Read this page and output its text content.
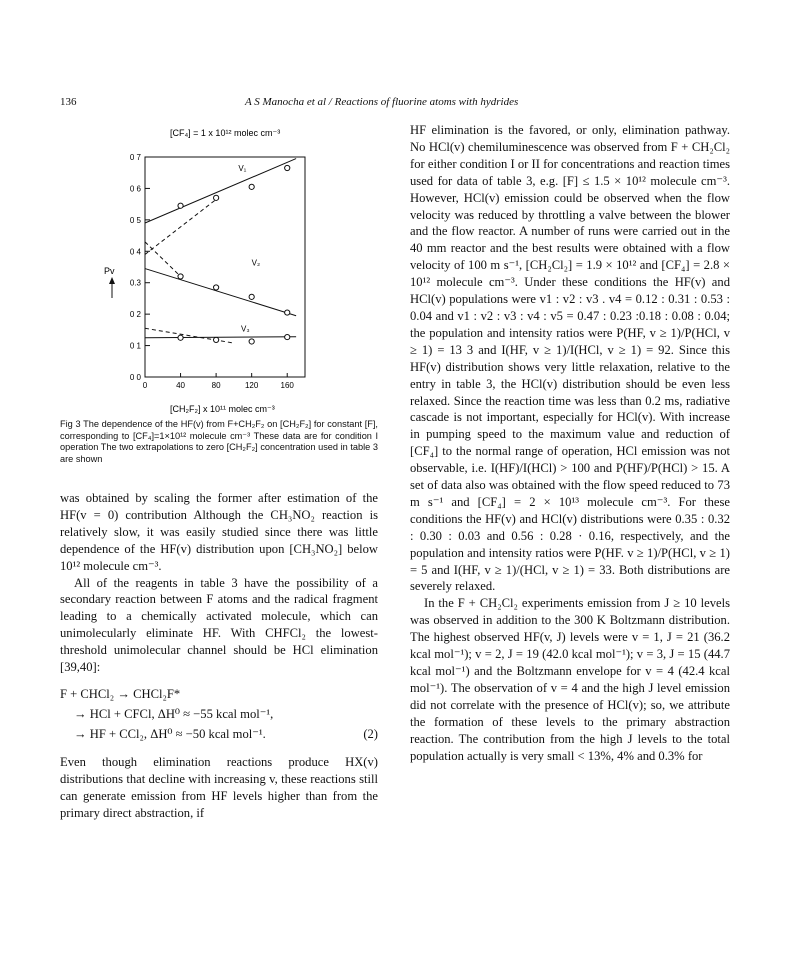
136	A S Manocha et al / Reactions of fluorine atoms with hydrides
[CF₄] = 1 x 10¹² molec cm⁻³
Pv
0 0
0 1
0 2
0.3
0 4
0 5
0 6
0 7
0	40	80	120	160
V₁
V₂
V₃
[CH₂F₂] x 10¹¹ molec cm⁻³
Fig 3 The dependence of the HF(v) from F+CH₂F₂ on [CH₂F₂] for constant [F], corresponding to [CF₄]=1×10¹² molecule cm⁻³ These data are for condition I operation The two extrapolations to zero [CH₂F₂] concentration used in table 3 are shown

was obtained by scaling the former after estimation of the HF(v = 0) contribution Although the CH₃NO₂ reaction is relatively slow, it was easily studied since there was little dependence of the HF(v) distribution upon [CH₃NO₂] below 10¹² molecule cm⁻³.

All of the reagents in table 3 have the possibility of a secondary reaction between F atoms and the radical fragment leading to a chemically activated molecule, which can unimolecularly eliminate HF. With CHFCl₂ the lowest-threshold unimolecular channel should be HCl elimination [39,40]:

F + CHCl₂ → CHCl₂F*
→ HCl + CFCl, ΔH⁰ ≈ −55 kcal mol⁻¹,
→ HF + CCl₂, ΔH⁰ ≈ −50 kcal mol⁻¹.	(2)

Even though elimination reactions produce HX(v) distributions that decline with increasing v, these reactions still can generate emission from HF levels higher than from the primary direct abstraction, if

HF elimination is the favored, or only, elimination pathway. No HCl(v) chemiluminescence was observed from F + CH₂Cl₂ for either condition I or II for concentrations and reaction times used for data of table 3, e.g. [F] ≤ 1.5 × 10¹² molecule cm⁻³. However, HCl(v) emission could be observed when the flow velocity was reduced by throttling a valve between the blower and the flow reactor. A number of runs were carried out in the 40 mm reactor and the best results were obtained with a flow velocity of 100 m s⁻¹, [CH₂Cl₂] = 1.9 × 10¹² and [CF₄] = 2.8 × 10¹² molecule cm⁻³. Under these conditions the HF(v) and HCl(v) populations were v1 : v2 : v3 . v4 = 0.12 : 0.31 : 0.53 : 0.04 and v1 : v2 : v3 : v4 : v5 = 0.47 : 0.23 :0.18 : 0.08 : 0.04; the population and intensity ratios were P(HF, v ≥ 1)/P(HCl, v ≥ 1) = 13 3 and I(HF, v ≥ 1)/I(HCl, v ≥ 1) = 92. Since this HF(v) distribution shows very little relaxation, relative to the entry in table 3, the HCl(v) distribution should be even less relaxed. Since the reaction time was less than 0.2 ms, radiative cascade is not important, especially for HCl(v). With increase in pumping speed to the maximum value and reduction of [CF₄] to the normal range of operation, HCl emission was not observable, i.e. I(HF)/I(HCl) > 100 and P(HF)/P(HCl) > 15. A set of data also was obtained with the flow speed reduced to 73 m s⁻¹ and [CF₄] = 2 × 10¹³ molecule cm⁻³. For these conditions the HF(v) and HCl(v) distributions were 0.35 : 0.32 : 0.30 : 0.03 and 0.56 : 0.28 · 0.16, respectively, and the population and intensity ratios were P(HF. v ≥ 1)/P(HCl, v ≥ 1) = 5 and I(HF, v ≥ 1)/(HCl, v ≥ 1) = 33. Both distributions are severely relaxed.

In the F + CH₂Cl₂ experiments emission from J ≥ 10 levels was observed in addition to the 300 K Boltzmann distribution. The highest observed HF(v, J) levels were v = 1, J = 21 (36.2 kcal mol⁻¹); v = 2, J = 19 (42.0 kcal mol⁻¹); v = 3, J = 15 (44.7 kcal mol⁻¹) and the Boltzmann envelope for v = 4 (42.4 kcal mol⁻¹). The observation of v = 4 and the high J level emission did not correlate with the presence of HCl(v); so, we attribute the formation of these levels to the primary abstraction reaction. The contribution from the high J levels to the total population actually is very small < 13%, 4% and 0.3% for
